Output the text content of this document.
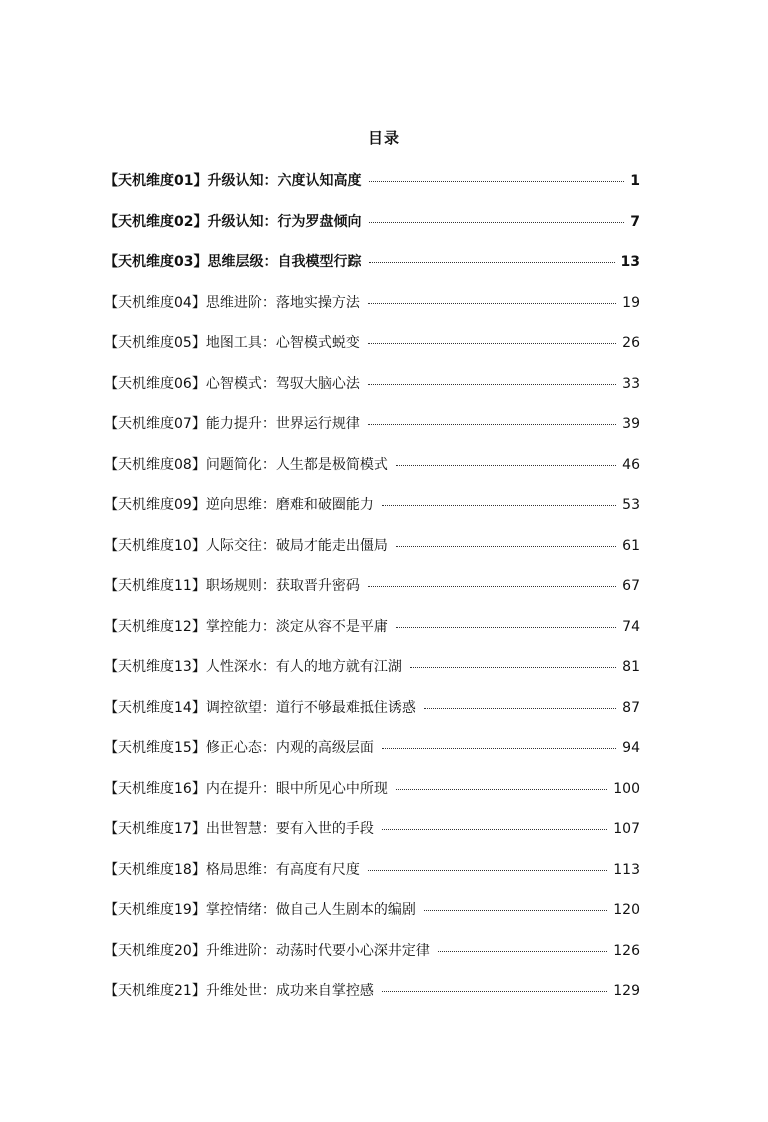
目录
【天机维度01】升级认知：六度认知高度	1
【天机维度02】升级认知：行为罗盘倾向	7
【天机维度03】思维层级：自我模型行踪	13
【天机维度04】思维进阶：落地实操方法	19
【天机维度05】地图工具：心智模式蜕变	26
【天机维度06】心智模式：驾驭大脑心法	33
【天机维度07】能力提升：世界运行规律	39
【天机维度08】问题简化：人生都是极简模式	46
【天机维度09】逆向思维：磨难和破圈能力	53
【天机维度10】人际交往：破局才能走出僵局	61
【天机维度11】职场规则：获取晋升密码	67
【天机维度12】掌控能力：淡定从容不是平庸	74
【天机维度13】人性深水：有人的地方就有江湖	81
【天机维度14】调控欲望：道行不够最难抵住诱惑	87
【天机维度15】修正心态：内观的高级层面	94
【天机维度16】内在提升：眼中所见心中所现	100
【天机维度17】出世智慧：要有入世的手段	107
【天机维度18】格局思维：有高度有尺度	113
【天机维度19】掌控情绪：做自己人生剧本的编剧	120
【天机维度20】升维进阶：动荡时代要小心深井定律	126
【天机维度21】升维处世：成功来自掌控感	129
